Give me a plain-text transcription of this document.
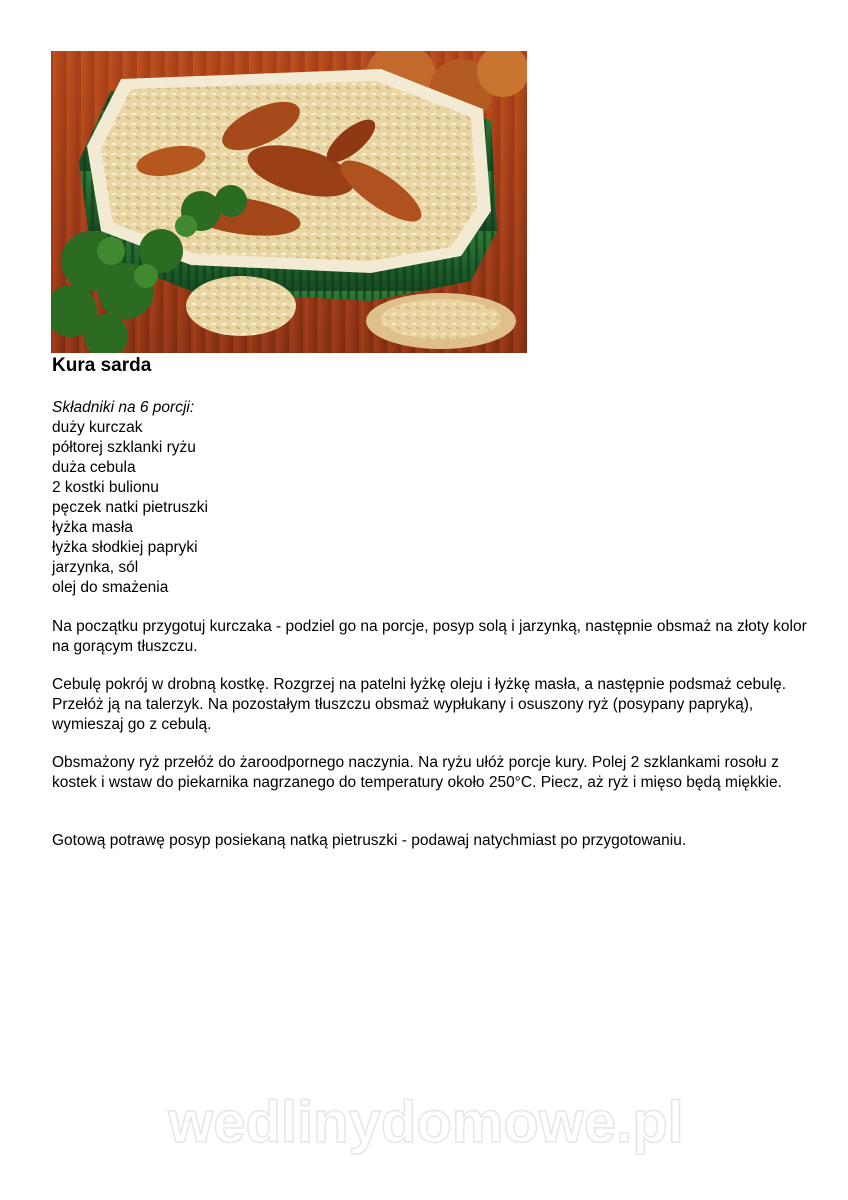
Kura sarda
Składniki na 6 porcji:
duży kurczak
półtorej szklanki ryżu
duża cebula
2 kostki bulionu
pęczek natki pietruszki
łyżka masła
łyżka słodkiej papryki
jarzynka, sól
olej do smażenia

Na początku przygotuj kurczaka - podziel go na porcje, posyp solą i jarzynką, następnie obsmaż na złoty kolor na gorącym tłuszczu.

Cebulę pokrój w drobną kostkę. Rozgrzej na patelni łyżkę oleju i łyżkę masła, a następnie podsmaż cebulę. Przełóż ją na talerzyk. Na pozostałym tłuszczu obsmaż wypłukany i osuszony ryż (posypany papryką), wymieszaj go z cebulą.

Obsmażony ryż przełóż do żaroodpornego naczynia. Na ryżu ułóż porcje kury. Polej 2 szklankami rosołu z kostek i wstaw do piekarnika nagrzanego do temperatury około 250°C. Piecz, aż ryż i mięso będą miękkie.

Gotową potrawę posyp posiekaną natką pietruszki - podawaj natychmiast po przygotowaniu.

wedlinydomowe.pl
